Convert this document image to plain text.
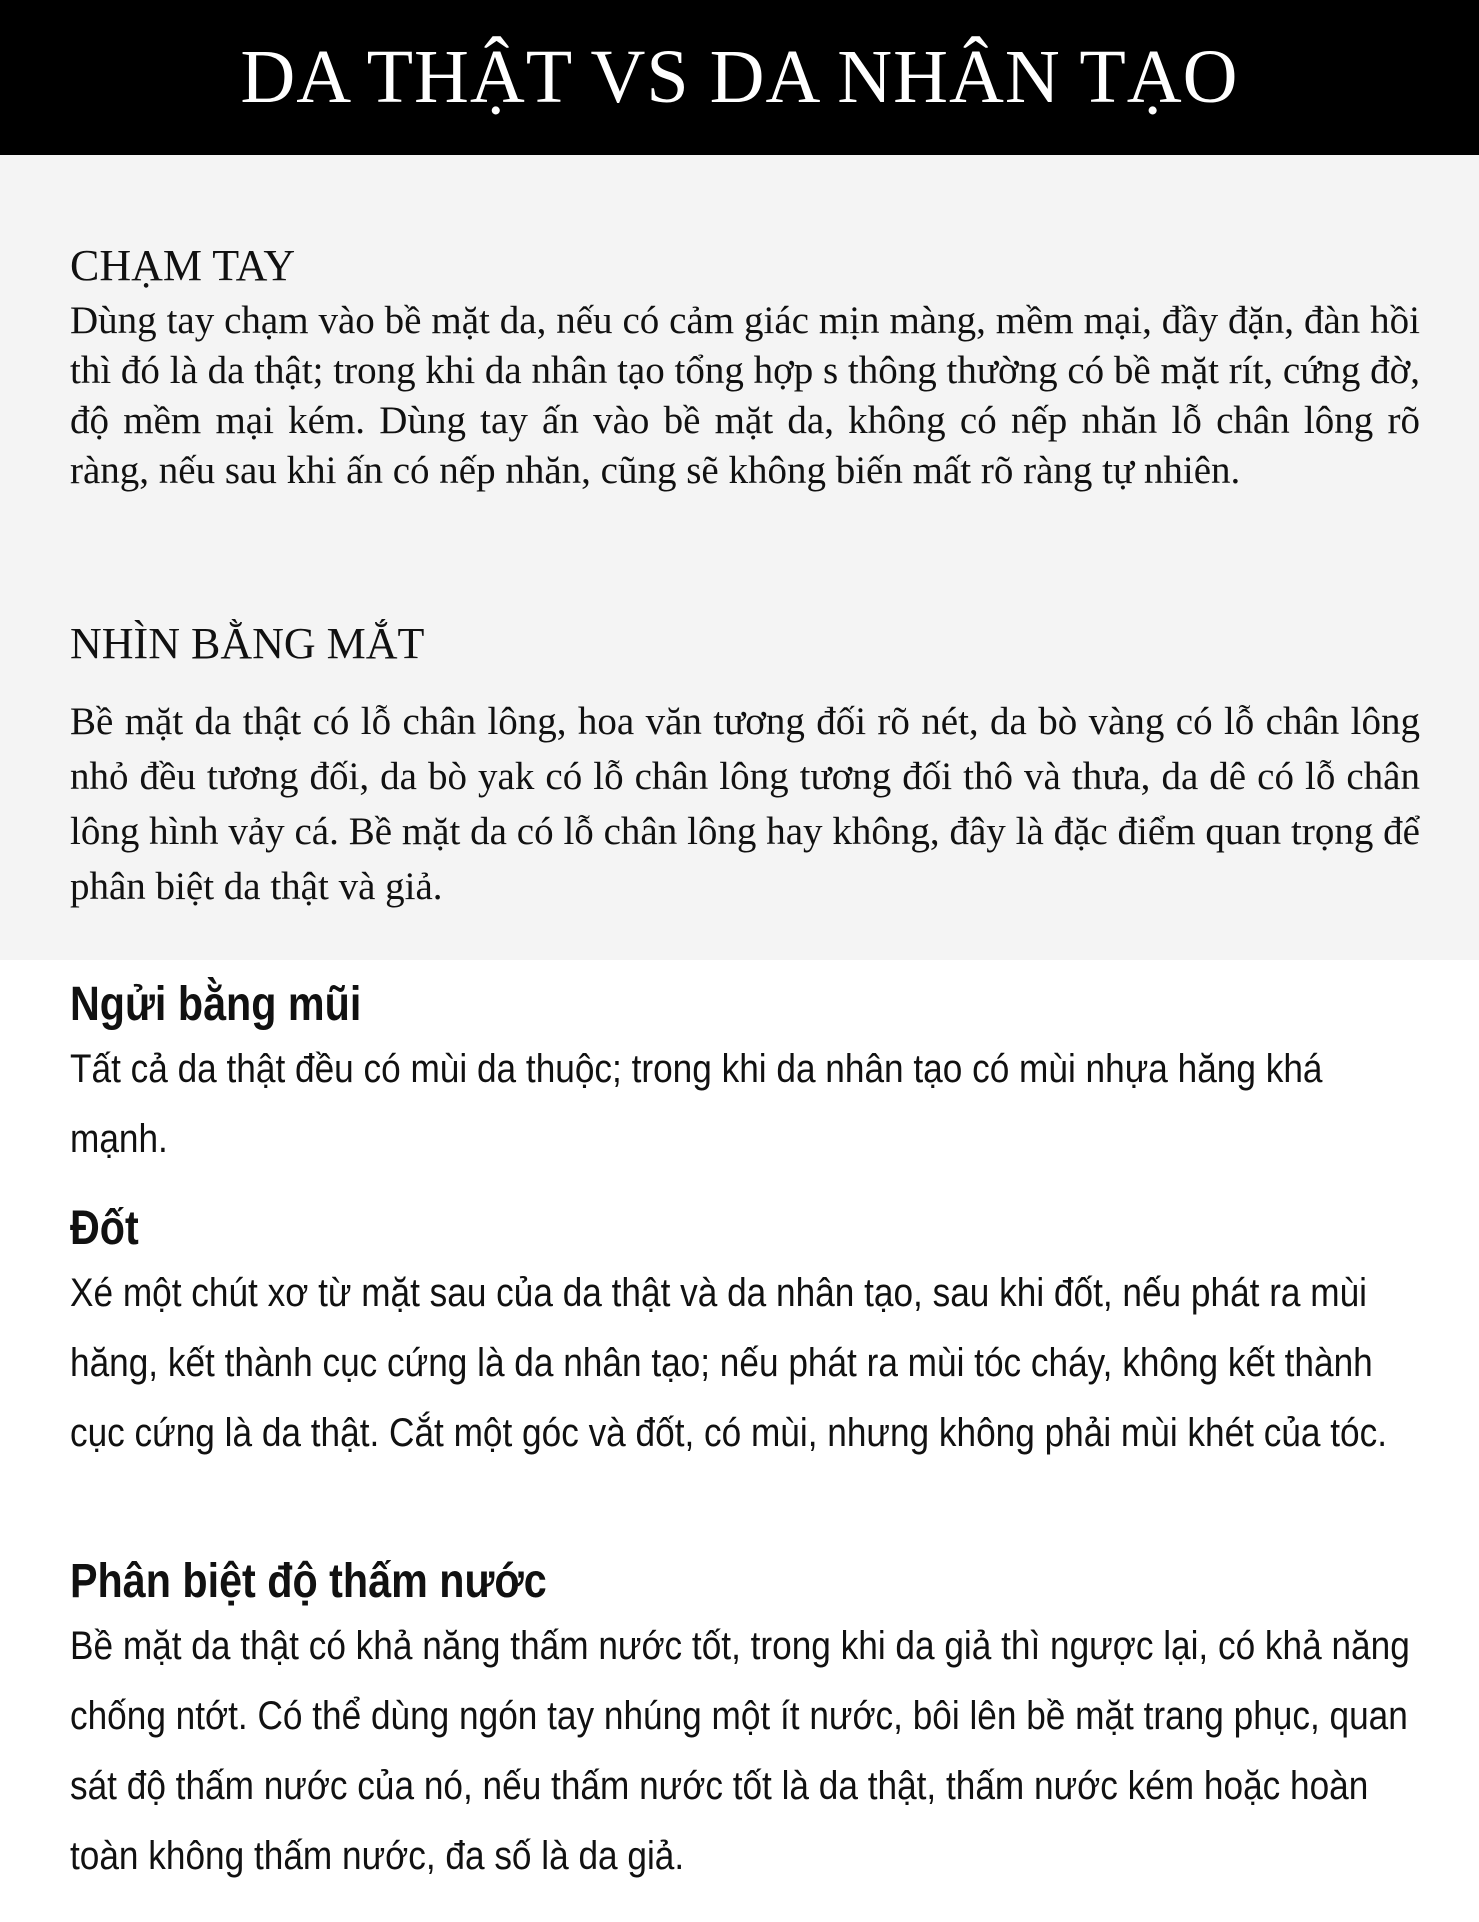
DA THẬT VS DA NHÂN TẠO
CHẠM TAY

Dùng tay chạm vào bề mặt da, nếu có cảm giác mịn màng, mềm mại, đầy đặn, đàn hồi thì đó là da thật; trong khi da nhân tạo tổng hợp s thông thường có bề mặt rít, cứng đờ, độ mềm mại kém. Dùng tay ấn vào bề mặt da, không có nếp nhăn lỗ chân lông rõ ràng, nếu sau khi ấn có nếp nhăn, cũng sẽ không biến mất rõ ràng tự nhiên.

NHÌN BẰNG MẮT

Bề mặt da thật có lỗ chân lông, hoa văn tương đối rõ nét, da bò vàng có lỗ chân lông nhỏ đều tương đối, da bò yak có lỗ chân lông tương đối thô và thưa, da dê có lỗ chân lông hình vảy cá. Bề mặt da có lỗ chân lông hay không, đây là đặc điểm quan trọng để phân biệt da thật và giả.

Ngửi bằng mũi

Tất cả da thật đều có mùi da thuộc; trong khi da nhân tạo có mùi nhựa hăng khá mạnh.

Đốt

Xé một chút xơ từ mặt sau của da thật và da nhân tạo, sau khi đốt, nếu phát ra mùi hăng, kết thành cục cứng là da nhân tạo; nếu phát ra mùi tóc cháy, không kết thành cục cứng là da thật. Cắt một góc và đốt, có mùi, nhưng không phải mùi khét của tóc.

Phân biệt độ thấm nước

Bề mặt da thật có khả năng thấm nước tốt, trong khi da giả thì ngược lại, có khả năng chống ntớt. Có thể dùng ngón tay nhúng một ít nước, bôi lên bề mặt trang phục, quan sát độ thấm nước của nó, nếu thấm nước tốt là da thật, thấm nước kém hoặc hoàn toàn không thấm nước, đa số là da giả.
